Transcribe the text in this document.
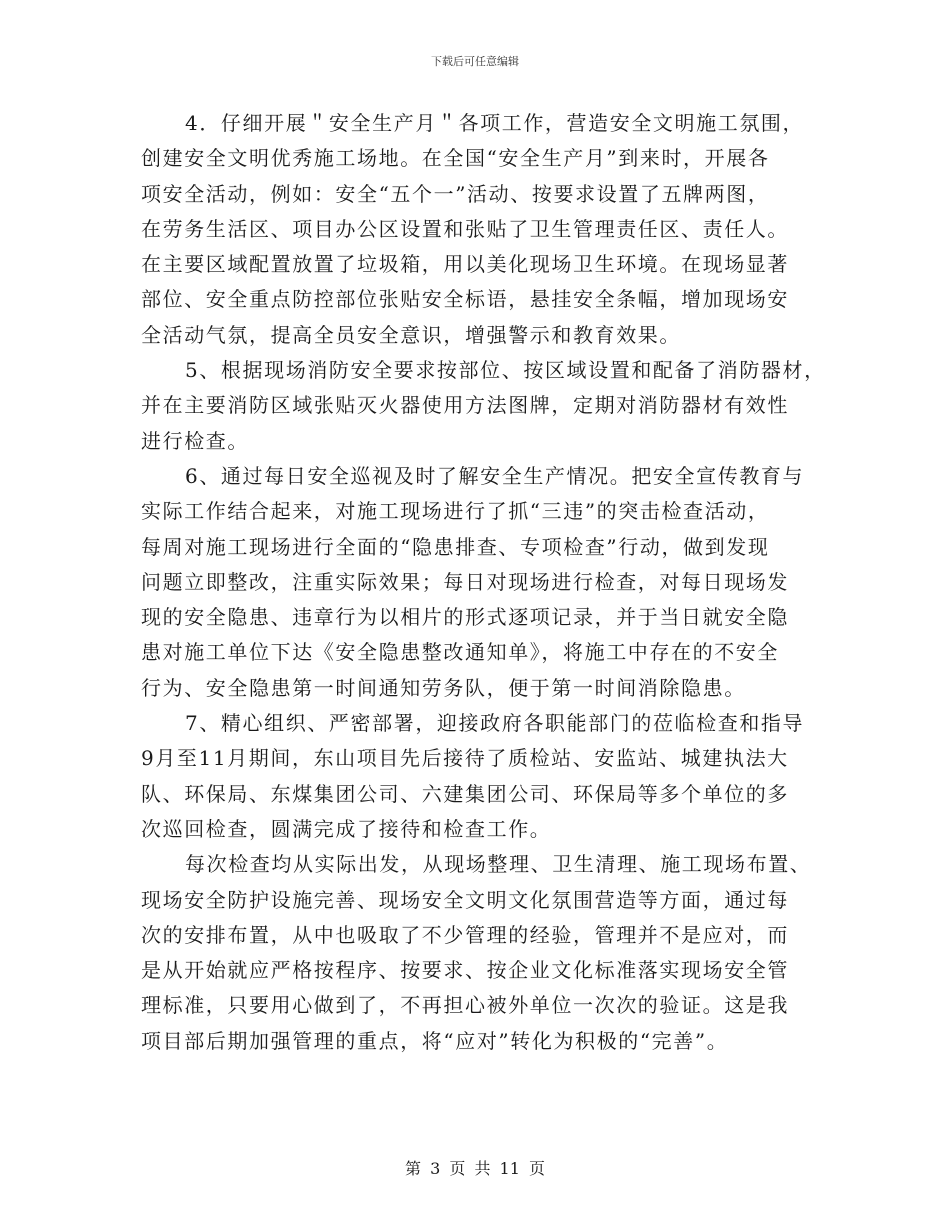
下载后可任意编辑

4．仔细开展＂安全生产月＂各项工作，营造安全文明施工氛围，
创建安全文明优秀施工场地。在全国“安全生产月”到来时，开展各
项安全活动，例如：安全“五个一”活动、按要求设置了五牌两图，
在劳务生活区、项目办公区设置和张贴了卫生管理责任区、责任人。
在主要区域配置放置了垃圾箱，用以美化现场卫生环境。在现场显著
部位、安全重点防控部位张贴安全标语，悬挂安全条幅，增加现场安
全活动气氛，提高全员安全意识，增强警示和教育效果。

5、根据现场消防安全要求按部位、按区域设置和配备了消防器材，
并在主要消防区域张贴灭火器使用方法图牌，定期对消防器材有效性
进行检查。

6、通过每日安全巡视及时了解安全生产情况。把安全宣传教育与
实际工作结合起来，对施工现场进行了抓“三违”的突击检查活动，
每周对施工现场进行全面的“隐患排查、专项检查”行动，做到发现
问题立即整改，注重实际效果；每日对现场进行检查，对每日现场发
现的安全隐患、违章行为以相片的形式逐项记录，并于当日就安全隐
患对施工单位下达《安全隐患整改通知单》，将施工中存在的不安全
行为、安全隐患第一时间通知劳务队，便于第一时间消除隐患。

7、精心组织、严密部署，迎接政府各职能部门的莅临检查和指导
9月至11月期间，东山项目先后接待了质检站、安监站、城建执法大
队、环保局、东煤集团公司、六建集团公司、环保局等多个单位的多
次巡回检查，圆满完成了接待和检查工作。

每次检查均从实际出发，从现场整理、卫生清理、施工现场布置、
现场安全防护设施完善、现场安全文明文化氛围营造等方面，通过每
次的安排布置，从中也吸取了不少管理的经验，管理并不是应对，而
是从开始就应严格按程序、按要求、按企业文化标准落实现场安全管
理标准，只要用心做到了，不再担心被外单位一次次的验证。这是我
项目部后期加强管理的重点，将“应对”转化为积极的“完善”。

第 3 页 共 11 页
